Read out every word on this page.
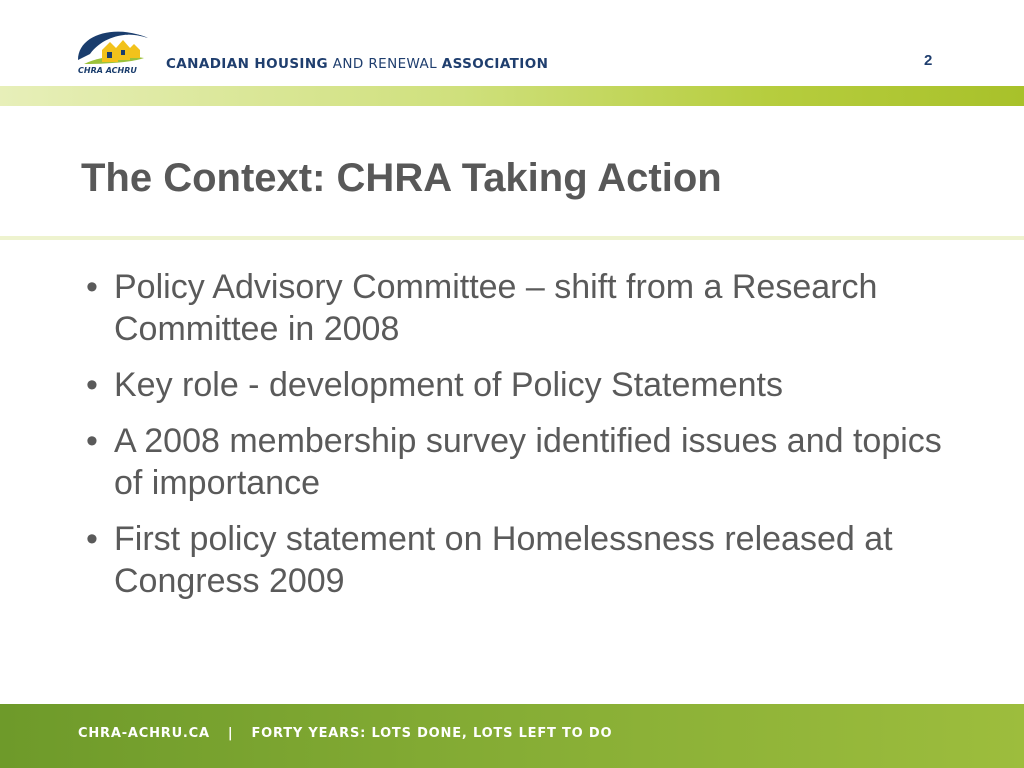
CHRA ACHRU CANADIAN HOUSING AND RENEWAL ASSOCIATION	2
The Context: CHRA Taking Action
• Policy Advisory Committee – shift from a Research Committee in 2008
• Key role - development of Policy Statements
• A 2008 membership survey identified issues and topics of importance
• First policy statement on Homelessness released at Congress 2009
CHRA-ACHRU.CA | FORTY YEARS: LOTS DONE, LOTS LEFT TO DO
